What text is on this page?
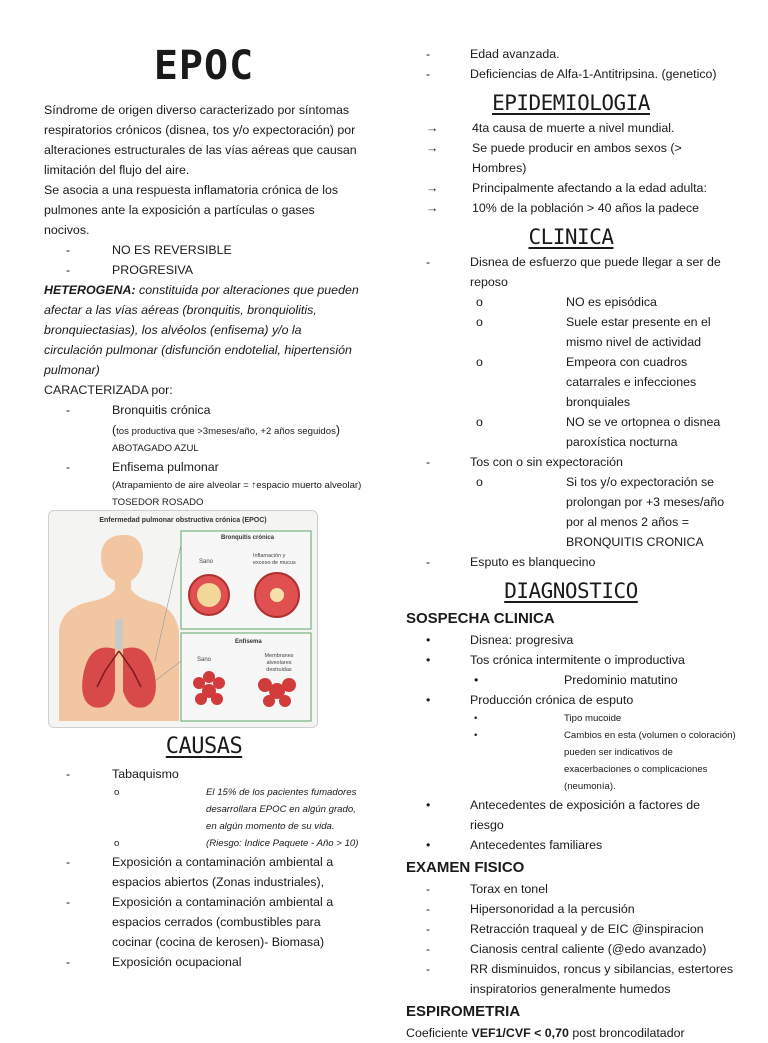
EPOC

Síndrome de origen diverso caracterizado por síntomas respiratorios crónicos (disnea, tos y/o expectoración) por alteraciones estructurales de las vías aéreas que causan limitación del flujo del aire.

Se asocia a una respuesta inflamatoria crónica de los pulmones ante la exposición a partículas o gases nocivos.

-	NO ES REVERSIBLE
-	PROGRESIVA

HETEROGENA: constituida por alteraciones que pueden afectar a las vías aéreas (bronquitis, bronquiolitis, bronquiectasias), los alvéolos (enfisema) y/o la circulación pulmonar (disfunción endotelial, hipertensión pulmonar)

CARACTERIZADA por:

-	Bronquitis crónica
(tos productiva que >3meses/año, +2 años seguidos)
ABOTAGADO AZUL
-	Enfisema pulmonar
(Atrapamiento de aire alveolar = ↑espacio muerto alveolar)
TOSEDOR ROSADO
Enfermedad pulmonar obstructiva crónica (EPOC)
Bronquitis crónica
Sano
Inflamación y exceso de mucus
Enfisema
Sano
Membranes alveolares destruidas
CAUSAS
-	Tabaquismo
o	El 15% de los pacientes fumadores desarrollara EPOC en algún grado, en algún momento de su vida.
o	(Riesgo: Indice Paquete - Año > 10)
-	Exposición a contaminación ambiental a espacios abiertos (Zonas industriales),
-	Exposición a contaminación ambiental a espacios cerrados (combustibles para cocinar (cocina de kerosen)- Biomasa)
-	Exposición ocupacional
-	Edad avanzada.
-	Deficiencias de Alfa-1-Antitripsina. (genetico)
EPIDEMIOLOGIA
→	4ta causa de muerte a nivel mundial.
→	Se puede producir en ambos sexos (> Hombres)
→	Principalmente afectando a la edad adulta:
→	10% de la población > 40 años la padece
CLINICA
-	Disnea de esfuerzo que puede llegar a ser de reposo
o	NO es episódica
o	Suele estar presente en el mismo nivel de actividad
o	Empeora con cuadros catarrales e infecciones bronquiales
o	NO se ve ortopnea o disnea paroxística nocturna
-	Tos con o sin expectoración
o	Si tos y/o expectoración se prolongan por +3 meses/año por al menos 2 años = BRONQUITIS CRONICA
-	Esputo es blanquecino
DIAGNOSTICO
SOSPECHA CLINICA
•	Disnea: progresiva
•	Tos crónica intermitente o improductiva
•	Predominio matutino
•	Producción crónica de esputo
•	Tipo mucoide
•	Cambios en esta (volumen o coloración) pueden ser indicativos de exacerbaciones o complicaciones (neumonía).
•	Antecedentes de exposición a factores de riesgo
•	Antecedentes familiares
EXAMEN FISICO
-	Torax en tonel
-	Hipersonoridad a la percusión
-	Retracción traqueal y de EIC @inspiracion
-	Cianosis central caliente (@edo avanzado)
-	RR disminuidos, roncus y sibilancias, estertores inspiratorios generalmente humedos
ESPIROMETRIA

Coeficiente VEF1/CVF < 0,70 post broncodilatador
